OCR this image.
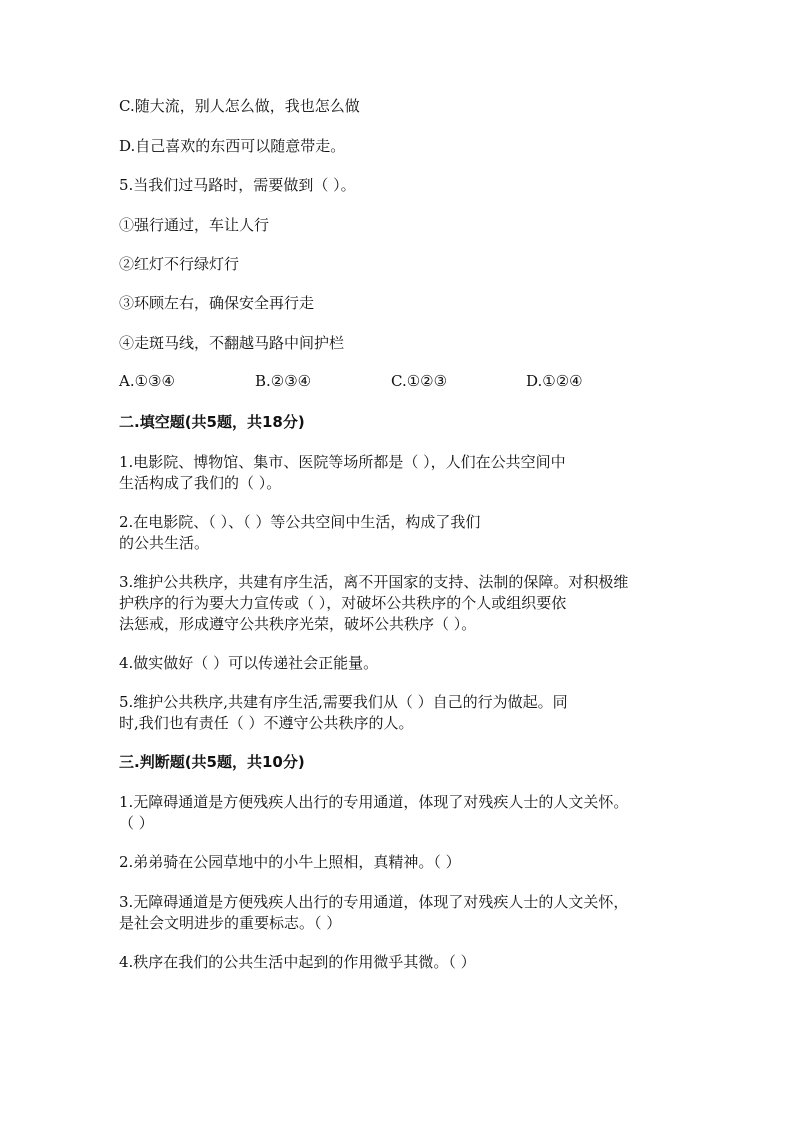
C.随大流，别人怎么做，我也怎么做
D.自己喜欢的东西可以随意带走。
5.当我们过马路时，需要做到（ ）。
①强行通过，车让人行
②红灯不行绿灯行
③环顾左右，确保安全再行走
④走斑马线，不翻越马路中间护栏
A.①③④	B.②③④	C.①②③	D.①②④
二.填空题(共5题，共18分)
1.电影院、博物馆、集市、医院等场所都是（ ），人们在公共空间中
生活构成了我们的（ ）。
2.在电影院、（ ）、（ ）等公共空间中生活，构成了我们
的公共生活。
3.维护公共秩序，共建有序生活，离不开国家的支持、法制的保障。对积极维
护秩序的行为要大力宣传或（ ），对破坏公共秩序的个人或组织要依
法惩戒，形成遵守公共秩序光荣，破坏公共秩序（ ）。
4.做实做好（ ）可以传递社会正能量。
5.维护公共秩序,共建有序生活,需要我们从（ ）自己的行为做起。同
时,我们也有责任（ ）不遵守公共秩序的人。
三.判断题(共5题，共10分)
1.无障碍通道是方便残疾人出行的专用通道，体现了对残疾人士的人文关怀。
（ ）
2.弟弟骑在公园草地中的小牛上照相，真精神。（ ）
3.无障碍通道是方便残疾人出行的专用通道，体现了对残疾人士的人文关怀，
是社会文明进步的重要标志。（ ）
4.秩序在我们的公共生活中起到的作用微乎其微。（ ）
